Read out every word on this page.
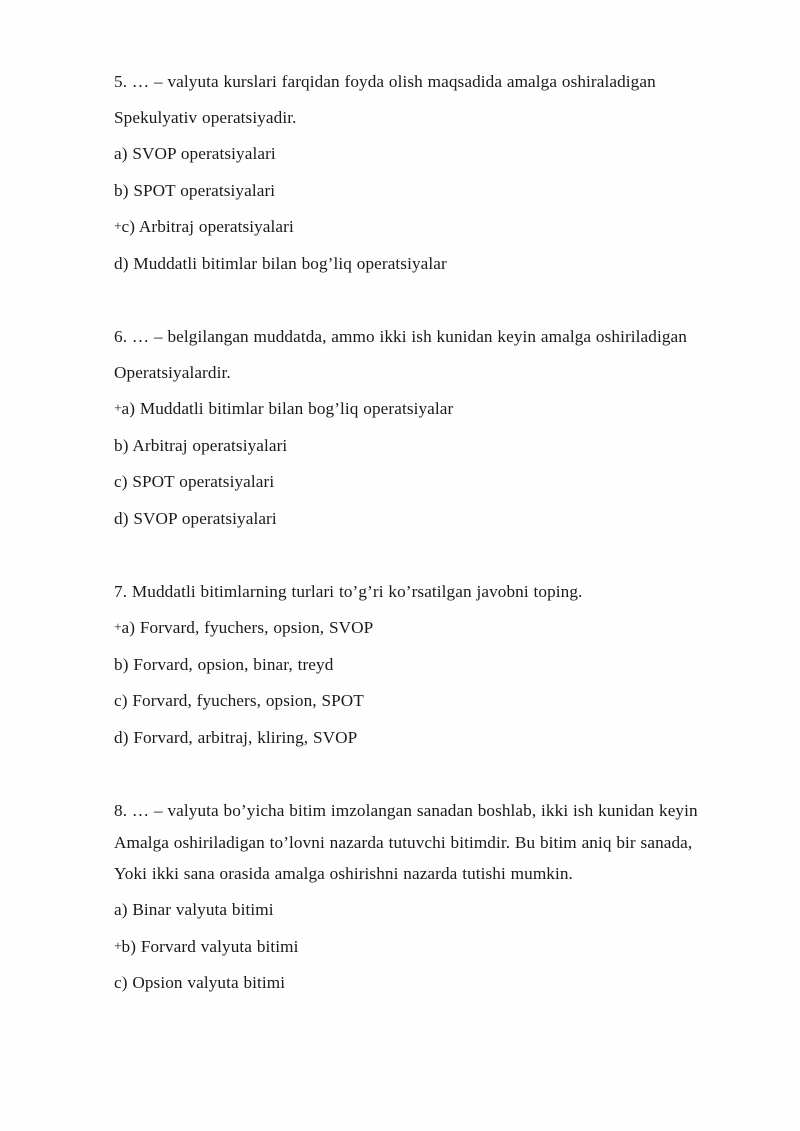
5. … – valyuta kurslari farqidan foyda olish maqsadida amalga oshiraladigan
Spekulyativ operatsiyadir.

a) SVOP operatsiyalari

b) SPOT operatsiyalari

+c) Arbitraj operatsiyalari

d) Muddatli bitimlar bilan bog’liq operatsiyalar

6. … – belgilangan muddatda, ammo ikki ish kunidan keyin amalga oshiriladigan
Operatsiyalardir.

+a) Muddatli bitimlar bilan bog’liq operatsiyalar

b) Arbitraj operatsiyalari

c) SPOT operatsiyalari

d) SVOP operatsiyalari

7. Muddatli bitimlarning turlari to’g’ri ko’rsatilgan javobni toping.

+a) Forvard, fyuchers, opsion, SVOP

b) Forvard, opsion, binar, treyd

c) Forvard, fyuchers, opsion, SPOT

d) Forvard, arbitraj, kliring, SVOP

8. … – valyuta bo’yicha bitim imzolangan sanadan boshlab, ikki ish kunidan keyin
Amalga oshiriladigan to’lovni nazarda tutuvchi bitimdir. Bu bitim aniq bir sanada,

Yoki ikki sana orasida amalga oshirishni nazarda tutishi mumkin.

a) Binar valyuta bitimi

+b) Forvard valyuta bitimi

c) Opsion valyuta bitimi
